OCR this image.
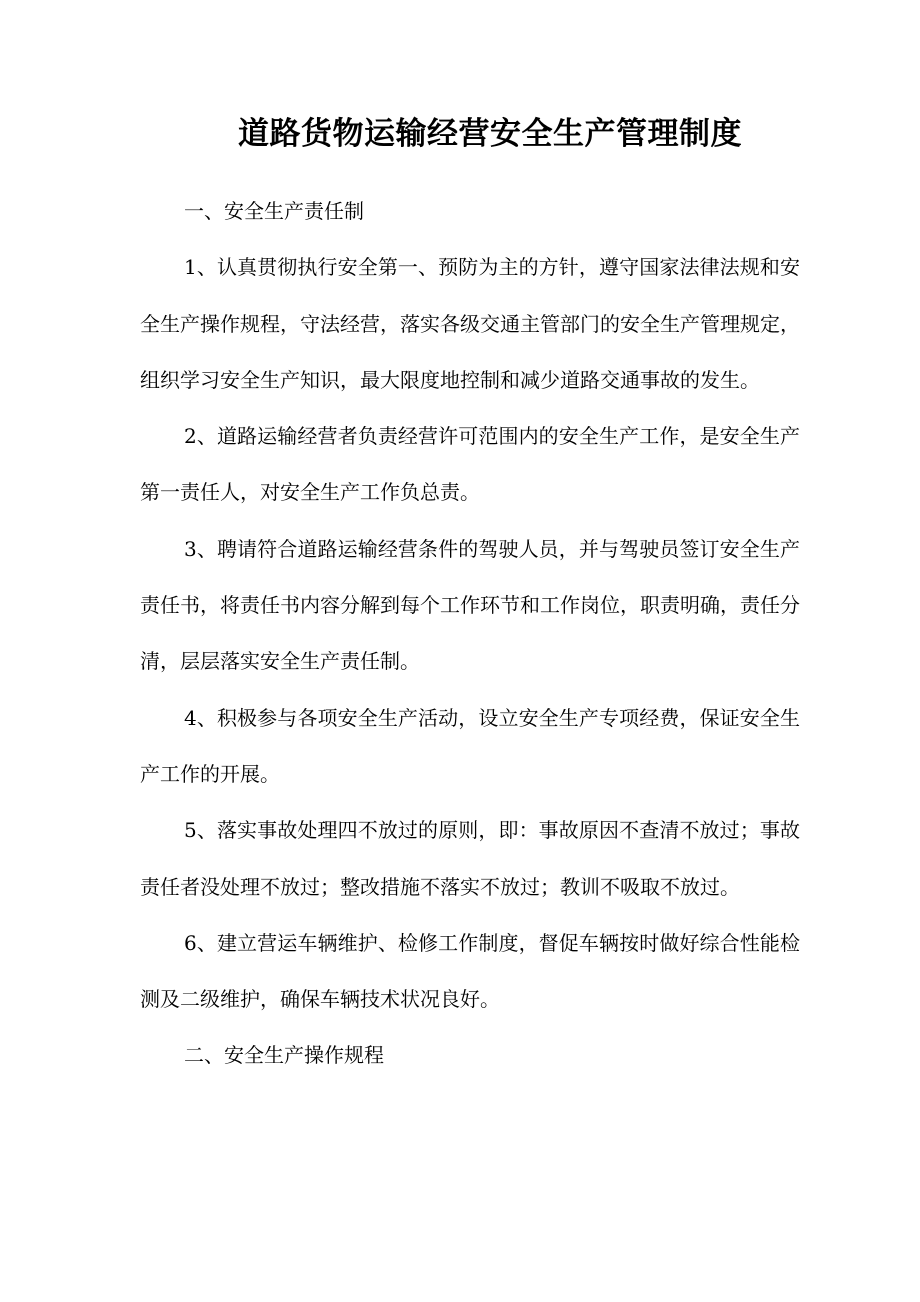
道路货物运输经营安全生产管理制度

一、安全生产责任制

1、认真贯彻执行安全第一、预防为主的方针，遵守国家法律法规和安全生产操作规程，守法经营，落实各级交通主管部门的安全生产管理规定，组织学习安全生产知识，最大限度地控制和减少道路交通事故的发生。

2、道路运输经营者负责经营许可范围内的安全生产工作，是安全生产第一责任人，对安全生产工作负总责。

3、聘请符合道路运输经营条件的驾驶人员，并与驾驶员签订安全生产责任书，将责任书内容分解到每个工作环节和工作岗位，职责明确，责任分清，层层落实安全生产责任制。

4、积极参与各项安全生产活动，设立安全生产专项经费，保证安全生产工作的开展。

5、落实事故处理四不放过的原则，即：事故原因不查清不放过；事故责任者没处理不放过；整改措施不落实不放过；教训不吸取不放过。

6、建立营运车辆维护、检修工作制度，督促车辆按时做好综合性能检测及二级维护，确保车辆技术状况良好。

二、安全生产操作规程
